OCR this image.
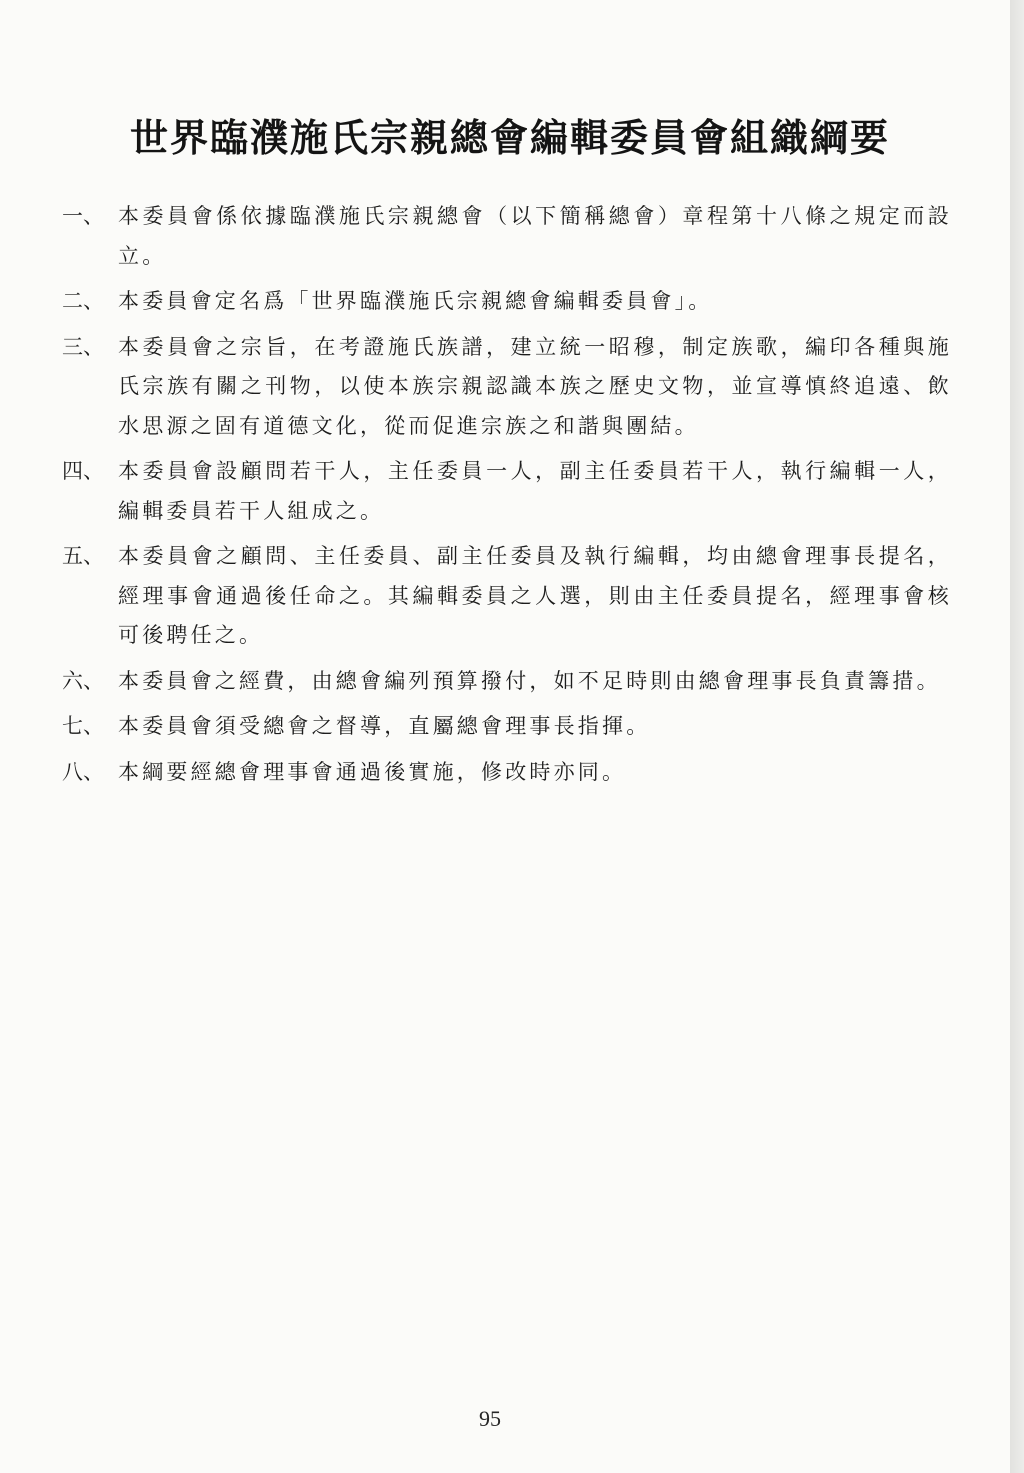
世界臨濮施氏宗親總會編輯委員會組織綱要
一、 本委員會係依據臨濮施氏宗親總會（以下簡稱總會）章程第十八條之規定而設立。
二、 本委員會定名爲「世界臨濮施氏宗親總會編輯委員會」。
三、 本委員會之宗旨，在考證施氏族譜，建立統一昭穆，制定族歌，編印各種與施氏宗族有關之刊物，以使本族宗親認識本族之歷史文物，並宣導慎終追遠、飲水思源之固有道德文化，從而促進宗族之和諧與團結。
四、 本委員會設顧問若干人，主任委員一人，副主任委員若干人，執行編輯一人，編輯委員若干人組成之。
五、 本委員會之顧問、主任委員、副主任委員及執行編輯，均由總會理事長提名，經理事會通過後任命之。其編輯委員之人選，則由主任委員提名，經理事會核可後聘任之。
六、 本委員會之經費，由總會編列預算撥付，如不足時則由總會理事長負責籌措。
七、 本委員會須受總會之督導，直屬總會理事長指揮。
八、 本綱要經總會理事會通過後實施，修改時亦同。
95
